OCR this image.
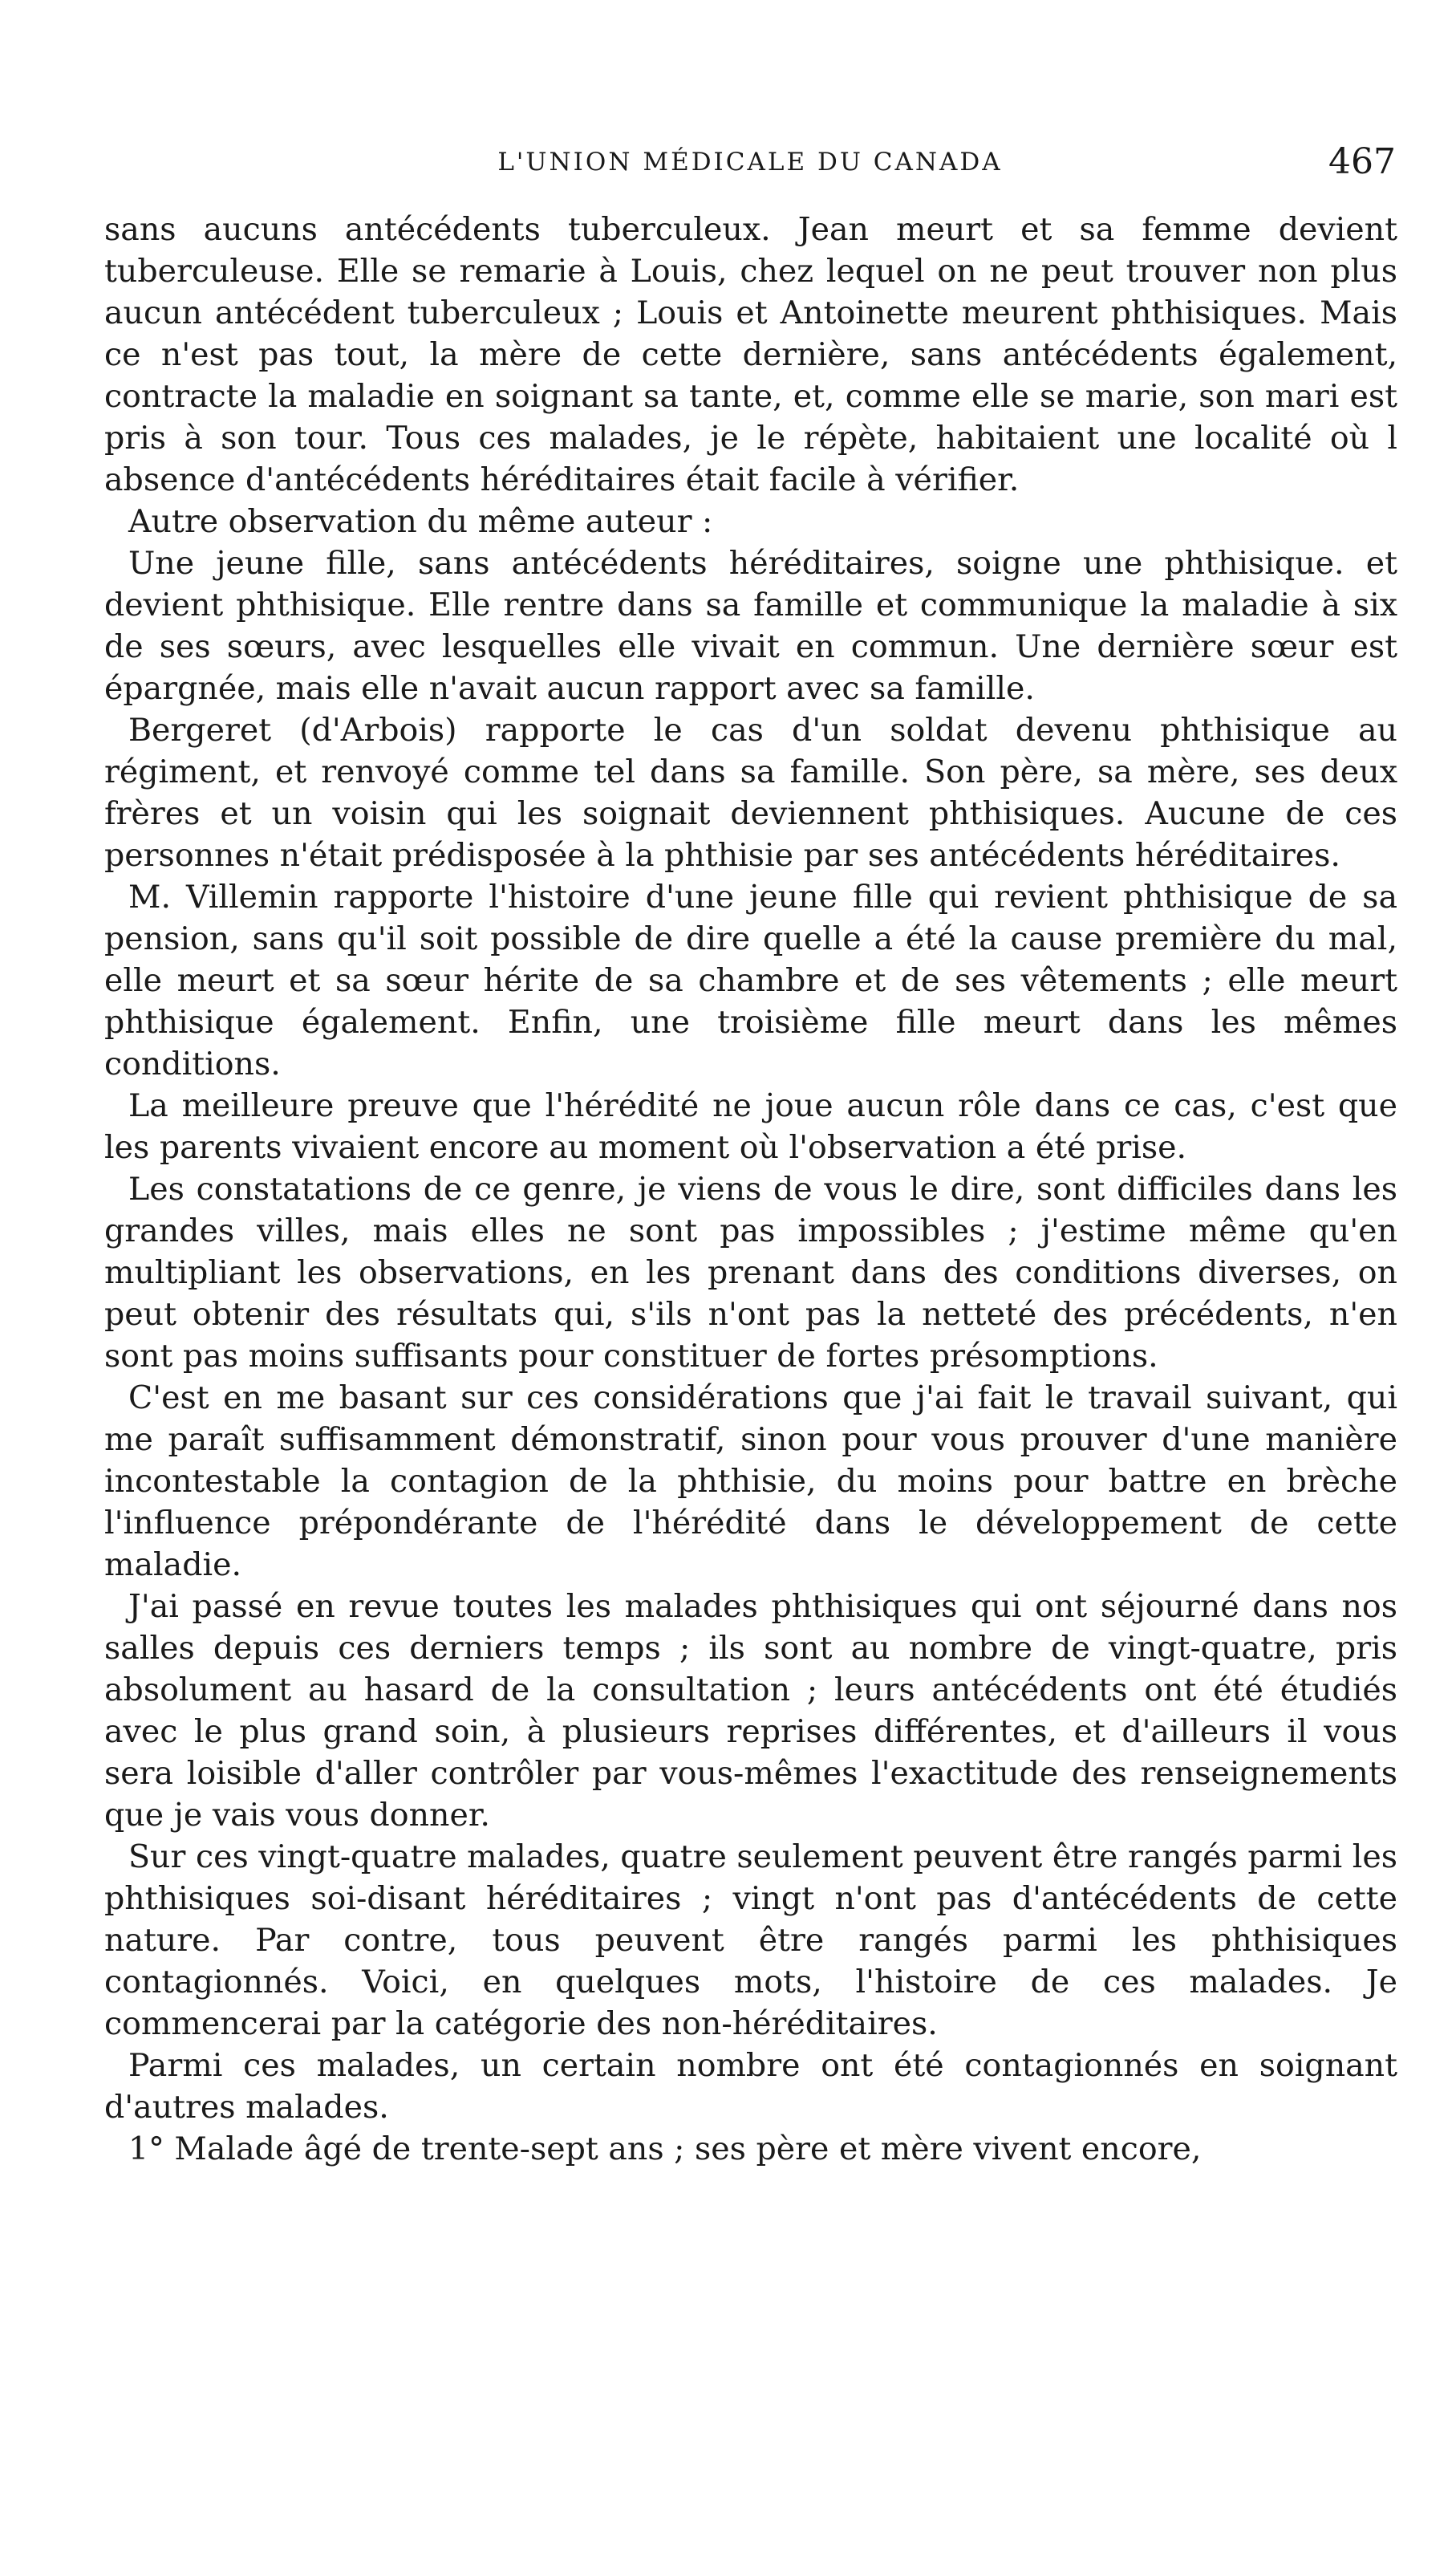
L'UNION MÉDICALE DU CANADA	467

sans aucuns antécédents tuberculeux. Jean meurt et sa femme devient tuberculeuse. Elle se remarie à Louis, chez lequel on ne peut trouver non plus aucun antécédent tuberculeux ; Louis et Antoinette meurent phthisiques. Mais ce n'est pas tout, la mère de cette dernière, sans antécédents également, contracte la maladie en soignant sa tante, et, comme elle se marie, son mari est pris à son tour. Tous ces malades, je le répète, habitaient une localité où l absence d'antécédents héréditaires était facile à vérifier.

Autre observation du même auteur :

Une jeune fille, sans antécédents héréditaires, soigne une phthisique. et devient phthisique. Elle rentre dans sa famille et communique la maladie à six de ses sœurs, avec lesquelles elle vivait en commun. Une dernière sœur est épargnée, mais elle n'avait aucun rapport avec sa famille.

Bergeret (d'Arbois) rapporte le cas d'un soldat devenu phthisique au régiment, et renvoyé comme tel dans sa famille. Son père, sa mère, ses deux frères et un voisin qui les soignait deviennent phthisiques. Aucune de ces personnes n'était prédisposée à la phthisie par ses antécédents héréditaires.

M. Villemin rapporte l'histoire d'une jeune fille qui revient phthisique de sa pension, sans qu'il soit possible de dire quelle a été la cause première du mal, elle meurt et sa sœur hérite de sa chambre et de ses vêtements ; elle meurt phthisique également. Enfin, une troisième fille meurt dans les mêmes conditions.

La meilleure preuve que l'hérédité ne joue aucun rôle dans ce cas, c'est que les parents vivaient encore au moment où l'observation a été prise.

Les constatations de ce genre, je viens de vous le dire, sont difficiles dans les grandes villes, mais elles ne sont pas impossibles ; j'estime même qu'en multipliant les observations, en les prenant dans des conditions diverses, on peut obtenir des résultats qui, s'ils n'ont pas la netteté des précédents, n'en sont pas moins suffisants pour constituer de fortes présomptions.

C'est en me basant sur ces considérations que j'ai fait le travail suivant, qui me paraît suffisamment démonstratif, sinon pour vous prouver d'une manière incontestable la contagion de la phthisie, du moins pour battre en brèche l'influence prépondérante de l'hérédité dans le développement de cette maladie.

J'ai passé en revue toutes les malades phthisiques qui ont séjourné dans nos salles depuis ces derniers temps ; ils sont au nombre de vingt-quatre, pris absolument au hasard de la consultation ; leurs antécédents ont été étudiés avec le plus grand soin, à plusieurs reprises différentes, et d'ailleurs il vous sera loisible d'aller contrôler par vous-mêmes l'exactitude des renseignements que je vais vous donner.

Sur ces vingt-quatre malades, quatre seulement peuvent être rangés parmi les phthisiques soi-disant héréditaires ; vingt n'ont pas d'antécédents de cette nature. Par contre, tous peuvent être rangés parmi les phthisiques contagionnés. Voici, en quelques mots, l'histoire de ces malades. Je commencerai par la catégorie des non-héréditaires.

Parmi ces malades, un certain nombre ont été contagionnés en soignant d'autres malades.

1° Malade âgé de trente-sept ans ; ses père et mère vivent encore,
